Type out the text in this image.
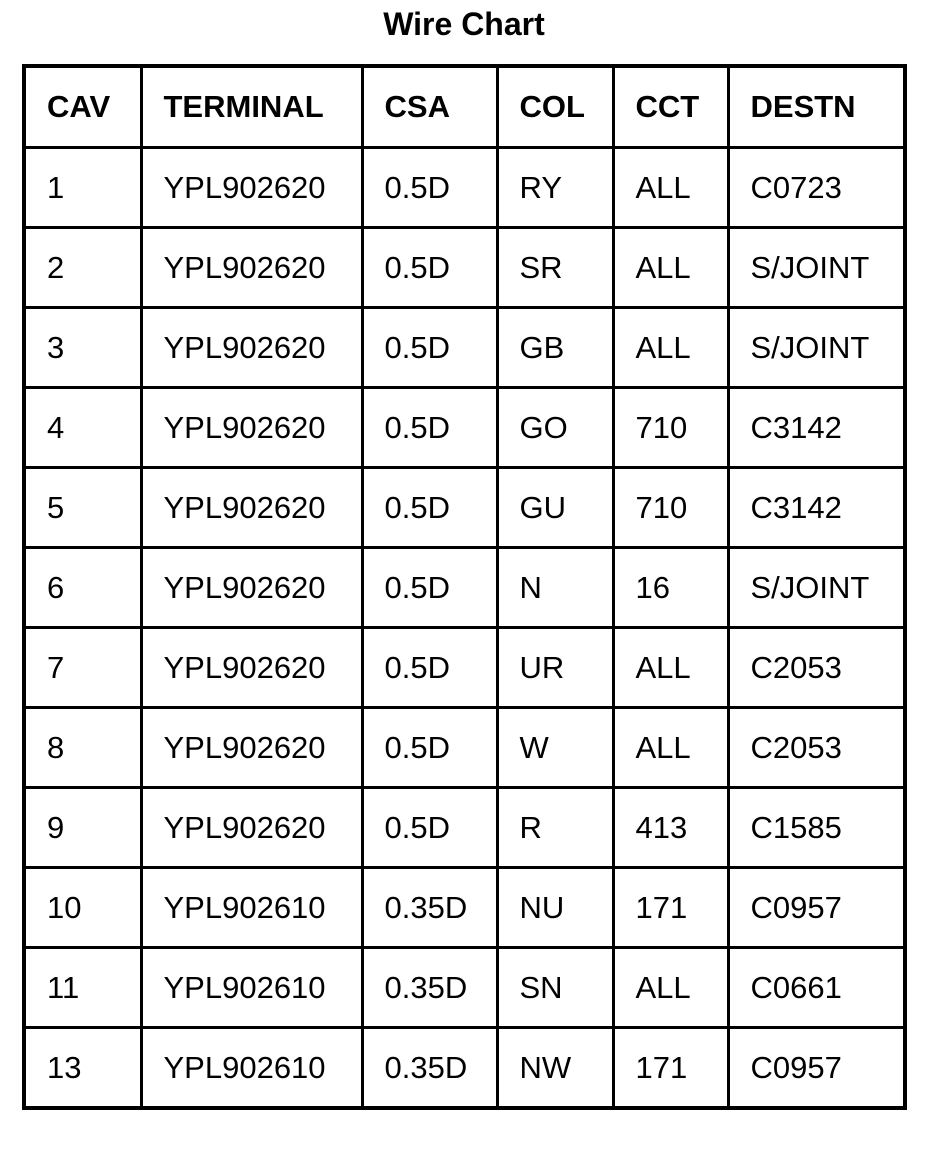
Wire Chart
CAV	TERMINAL	CSA	COL	CCT	DESTN
1	YPL902620	0.5D	RY	ALL	C0723
2	YPL902620	0.5D	SR	ALL	S/JOINT
3	YPL902620	0.5D	GB	ALL	S/JOINT
4	YPL902620	0.5D	GO	710	C3142
5	YPL902620	0.5D	GU	710	C3142
6	YPL902620	0.5D	N	16	S/JOINT
7	YPL902620	0.5D	UR	ALL	C2053
8	YPL902620	0.5D	W	ALL	C2053
9	YPL902620	0.5D	R	413	C1585
10	YPL902610	0.35D	NU	171	C0957
11	YPL902610	0.35D	SN	ALL	C0661
13	YPL902610	0.35D	NW	171	C0957
